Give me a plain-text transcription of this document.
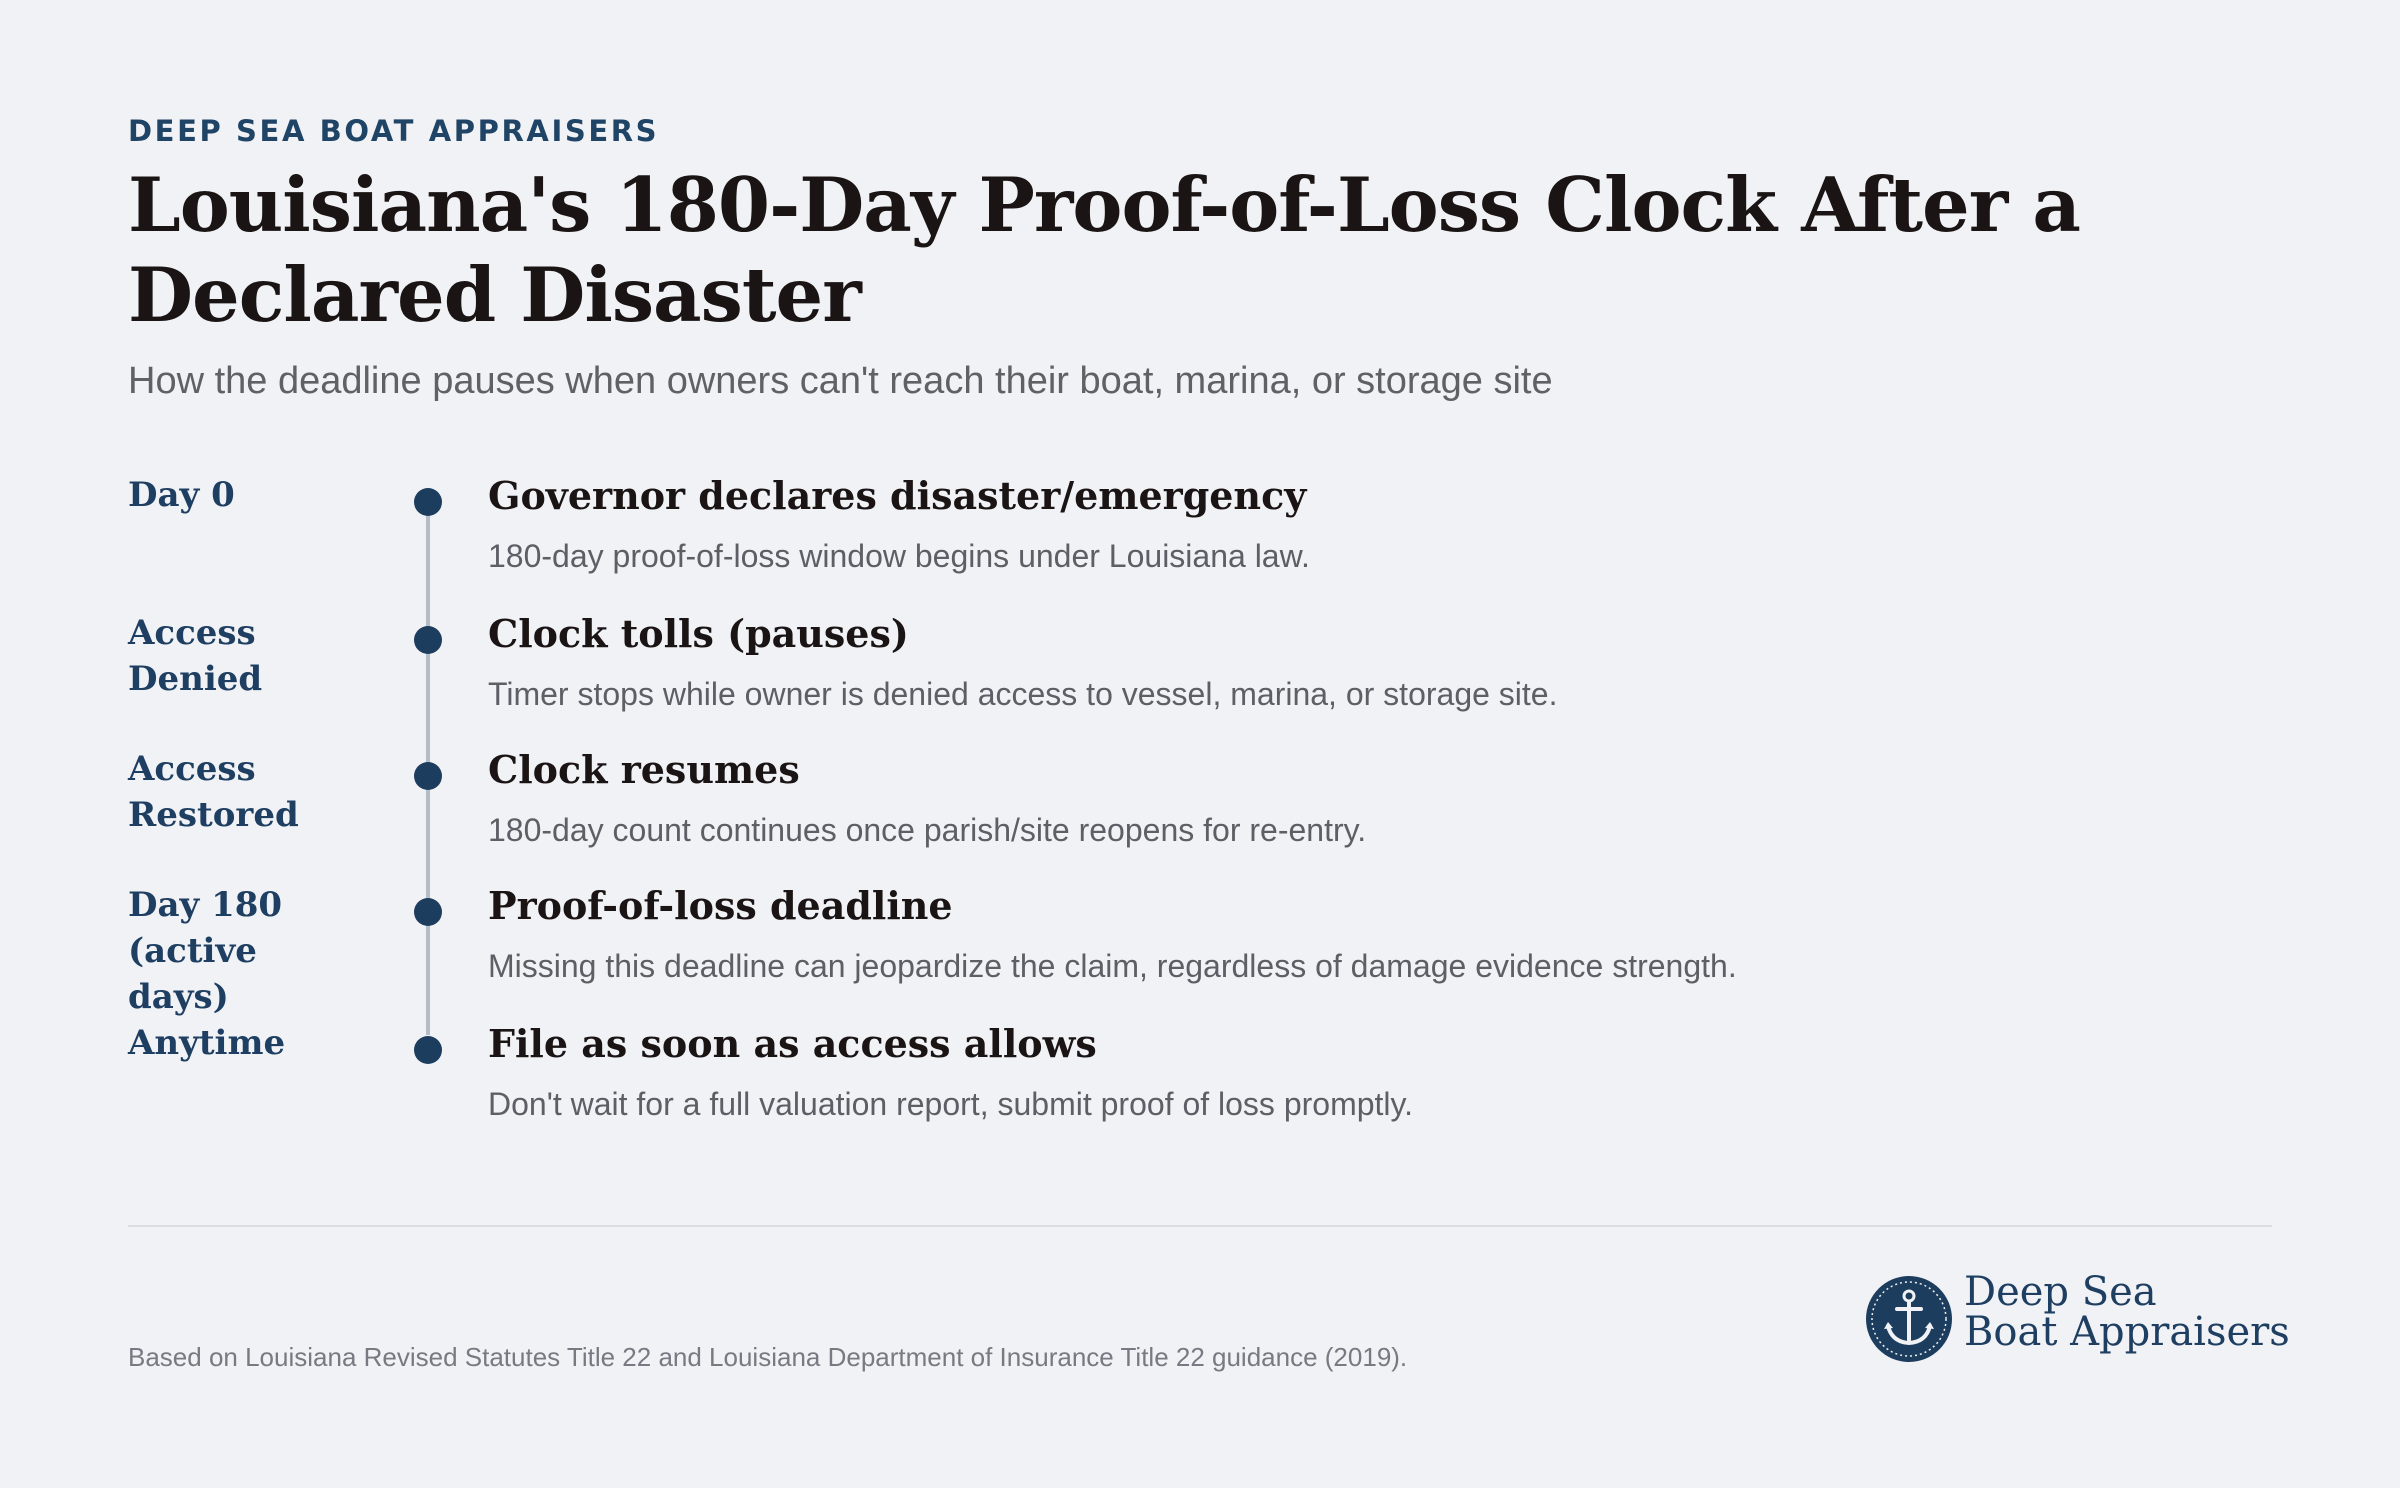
DEEP SEA BOAT APPRAISERS
Louisiana's 180-Day Proof-of-Loss Clock After a Declared Disaster
How the deadline pauses when owners can't reach their boat, marina, or storage site
Day 0	Governor declares disaster/emergency
180-day proof-of-loss window begins under Louisiana law.
Access Denied
Clock tolls (pauses)
Timer stops while owner is denied access to vessel, marina, or storage site.
Access Restored
Clock resumes
180-day count continues once parish/site reopens for re-entry.
Day 180 (active days)
Proof-of-loss deadline
Missing this deadline can jeopardize the claim, regardless of damage evidence strength.
Anytime	File as soon as access allows
Don't wait for a full valuation report, submit proof of loss promptly.
Based on Louisiana Revised Statutes Title 22 and Louisiana Department of Insurance Title 22 guidance (2019).
Deep Sea
Boat Appraisers
